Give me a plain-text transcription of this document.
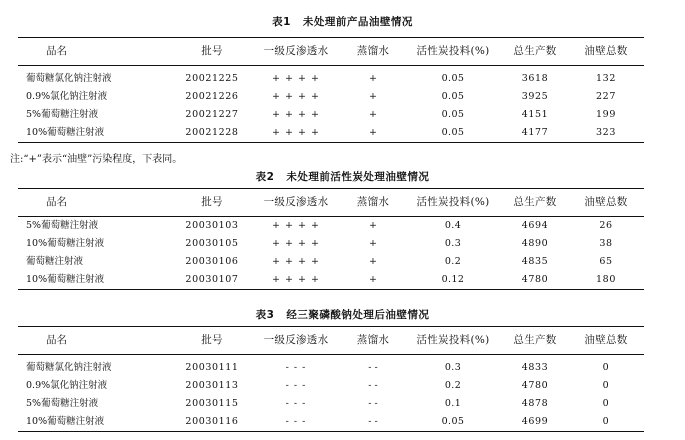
表1 未处理前产品油壁情况
品名	批号	一级反渗透水	蒸馏水	活性炭投料(%)	总生产数	油壁总数
葡萄糖氯化钠注射液	20021225	+ + + +	+	0.05	3618	132
0.9%氯化钠注射液	20021226	+ + + +	+	0.05	3925	227
5%葡萄糖注射液	20021227	+ + + +	+	0.05	4151	199
10%葡萄糖注射液	20021228	+ + + +	+	0.05	4177	323
注:“+”表示“油壁”污染程度，下表同。
表2 未处理前活性炭处理油壁情况
品名	批号	一级反渗透水	蒸馏水	活性炭投料(%)	总生产数	油壁总数
5%葡萄糖注射液	20030103	+ + + +	+	0.4	4694	26
10%葡萄糖注射液	20030105	+ + + +	+	0.3	4890	38
葡萄糖注射液	20030106	+ + + +	+	0.2	4835	65
10%葡萄糖注射液	20030107	+ + + +	+	0.12	4780	180
表3 经三聚磷酸钠处理后油壁情况
品名	批号	一级反渗透水	蒸馏水	活性炭投料(%)	总生产数	油壁总数
葡萄糖氯化钠注射液	20030111	- - -	- -	0.3	4833	0
0.9%氯化钠注射液	20030113	- - -	- -	0.2	4780	0
5%葡萄糖注射液	20030115	- - -	- -	0.1	4878	0
10%葡萄糖注射液	20030116	- - -	- -	0.05	4699	0
